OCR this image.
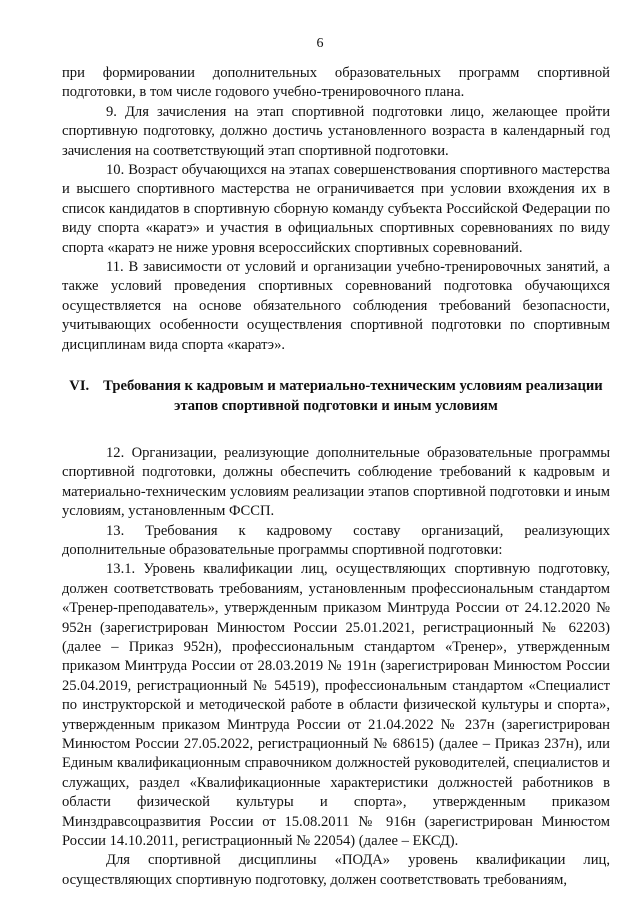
6

при формировании дополнительных образовательных программ спортивной подготовки, в том числе годового учебно-тренировочного плана.

9. Для зачисления на этап спортивной подготовки лицо, желающее пройти спортивную подготовку, должно достичь установленного возраста в календарный год зачисления на соответствующий этап спортивной подготовки.

10. Возраст обучающихся на этапах совершенствования спортивного мастерства и высшего спортивного мастерства не ограничивается при условии вхождения их в список кандидатов в спортивную сборную команду субъекта Российской Федерации по виду спорта «каратэ» и участия в официальных спортивных соревнованиях по виду спорта «каратэ не ниже уровня всероссийских спортивных соревнований.

11. В зависимости от условий и организации учебно-тренировочных занятий, а также условий проведения спортивных соревнований подготовка обучающихся осуществляется на основе обязательного соблюдения требований безопасности, учитывающих особенности осуществления спортивной подготовки по спортивным дисциплинам вида спорта «каратэ».

VI. Требования к кадровым и материально-техническим условиям реализации этапов спортивной подготовки и иным условиям

12. Организации, реализующие дополнительные образовательные программы спортивной подготовки, должны обеспечить соблюдение требований к кадровым и материально-техническим условиям реализации этапов спортивной подготовки и иным условиям, установленным ФССП.

13. Требования к кадровому составу организаций, реализующих дополнительные образовательные программы спортивной подготовки:

13.1. Уровень квалификации лиц, осуществляющих спортивную подготовку, должен соответствовать требованиям, установленным профессиональным стандартом «Тренер-преподаватель», утвержденным приказом Минтруда России от 24.12.2020 № 952н (зарегистрирован Минюстом России 25.01.2021, регистрационный № 62203) (далее – Приказ 952н), профессиональным стандартом «Тренер», утвержденным приказом Минтруда России от 28.03.2019 № 191н (зарегистрирован Минюстом России 25.04.2019, регистрационный № 54519), профессиональным стандартом «Специалист по инструкторской и методической работе в области физической культуры и спорта», утвержденным приказом Минтруда России от 21.04.2022 № 237н (зарегистрирован Минюстом России 27.05.2022, регистрационный № 68615) (далее – Приказ 237н), или Единым квалификационным справочником должностей руководителей, специалистов и служащих, раздел «Квалификационные характеристики должностей работников в области физической культуры и спорта», утвержденным приказом Минздравсоцразвития России от 15.08.2011 № 916н (зарегистрирован Минюстом России 14.10.2011, регистрационный № 22054) (далее – ЕКСД).

Для спортивной дисциплины «ПОДА» уровень квалификации лиц, осуществляющих спортивную подготовку, должен соответствовать требованиям,
